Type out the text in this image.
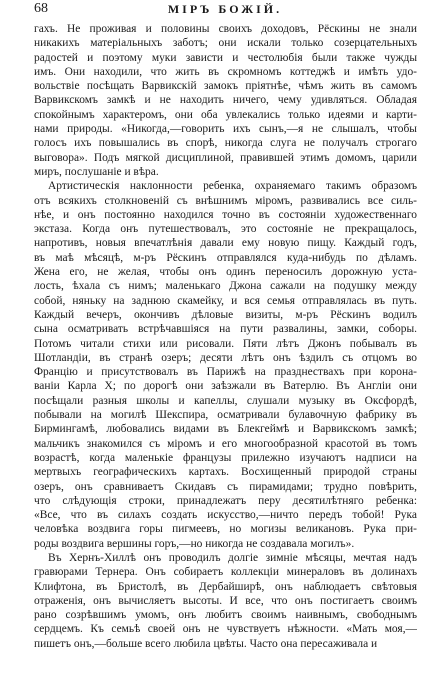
68	МІРЪ БОЖІЙ.
гахъ. Не проживая и половины своихъ доходовъ, Рёскины не знали
никакихъ матеріальныхъ заботъ; они искали только созерцательныхъ
радостей и поэтому муки зависти и честолюбія были также чужды
имъ. Они находили, что жить въ скромномъ коттеджѣ и имѣть удо-
вольствіе посѣщать Варвикскій замокъ пріятнѣе, чѣмъ жить въ самомъ
Варвикскомъ замкѣ и не находить ничего, чему удивляться. Обладая
спокойнымъ характеромъ, они оба увлекались только идеями и карти-
нами природы. «Никогда,—говорить ихъ сынъ,—я не слышалъ, чтобы
голосъ ихъ повышались въ спорѣ, никогда слуга не получалъ строгаго
выговора». Подъ мягкой дисциплиной, правившей этимъ домомъ, царили
миръ, послушаніе и вѣра.
Артистическія наклонности ребенка, охраняемаго такимъ образомъ
отъ всякихъ столкновеній съ внѣшнимъ міромъ, развивались все силь-
нѣе, и онъ постоянно находился точно въ состояніи художественнаго
экстаза. Когда онъ путешествовалъ, это состояніе не прекращалось,
напротивъ, новыя впечатлѣнія давали ему новую пищу. Каждый годъ,
въ маѣ мѣсяцѣ, м-ръ Рёскинъ отправлялся куда-нибудь по дѣламъ.
Жена его, не желая, чтобы онъ одинъ переносилъ дорожную уста-
лость, ѣхала съ нимъ; маленькаго Джона сажали на подушку между
собой, няньку на заднюю скамейку, и вся семья отправлялась въ путь.
Каждый вечеръ, окончивъ дѣловые визиты, м-ръ Рёскинъ водилъ
сына осматривать встрѣчавшіяся на пути развалины, замки, соборы.
Потомъ читали стихи или рисовали. Пяти лѣтъ Джонъ побывалъ въ
Шотландіи, въ странѣ озеръ; десяти лѣтъ онъ ѣздилъ съ отцомъ во
Францію и присутствовалъ въ Парижѣ на празднествахъ при корона-
ваніи Карла X; по дорогѣ они заѣзжали въ Ватерлю. Въ Англіи они
посѣщали разныя школы и капеллы, слушали музыку въ Оксфордѣ,
побывали на могилѣ Шекспира, осматривали булавочную фабрику въ
Бирмингамѣ, любовались видами въ Блекгеймѣ и Варвикскомъ замкѣ;
мальчикъ знакомился съ міромъ и его многообразной красотой въ томъ
возрастѣ, когда маленькіе французы прилежно изучаютъ надписи на
мертвыхъ географическихъ картахъ. Восхищенный природой страны
озеръ, онъ сравниваетъ Скидавъ съ пирамидами; трудно повѣрить,
что слѣдующія строки, принадлежатъ перу десятилѣтняго ребенка:
«Все, что въ силахъ создать искусство,—ничто передъ тобой! Рука
человѣка воздвига горы пигмеевъ, но могизы великановъ. Рука при-
роды воздвига вершины горъ,—но никогда не создавала могилъ».
Въ Хернъ-Хиллѣ онъ проводилъ долгіе зимніе мѣсяцы, мечтая надъ
гравюрами Тернера. Онъ собираетъ коллекціи минераловъ въ долинахъ
Клифтона, въ Бристолѣ, въ Дербайширѣ, онъ наблюдаетъ свѣтовыя
отраженія, онъ вычисляетъ высоты. И все, что онъ постигаетъ своимъ
рано созрѣвшимъ умомъ, онъ любитъ своимъ наивнымъ, свободнымъ
сердцемъ. Къ семьѣ своей онъ не чувствуетъ нѣжности. «Мать моя,—
пишетъ онъ,—больше всего любила цвѣты. Часто она пересаживала и
